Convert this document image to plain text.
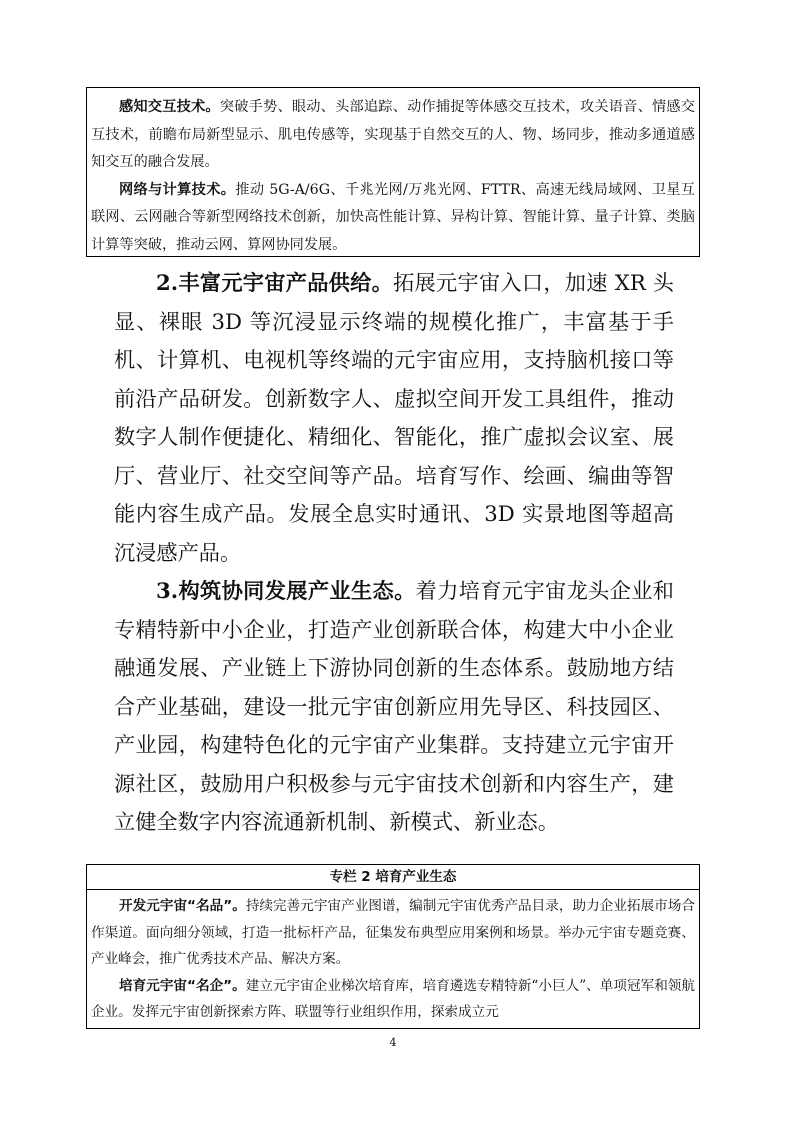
感知交互技术。突破手势、眼动、头部追踪、动作捕捉等体感交互技术，攻关语音、情感交互技术，前瞻布局新型显示、肌电传感等，实现基于自然交互的人、物、场同步，推动多通道感知交互的融合发展。

网络与计算技术。推动 5G-A/6G、千兆光网/万兆光网、FTTR、高速无线局域网、卫星互联网、云网融合等新型网络技术创新，加快高性能计算、异构计算、智能计算、量子计算、类脑计算等突破，推动云网、算网协同发展。

2.丰富元宇宙产品供给。拓展元宇宙入口，加速 XR 头显、裸眼 3D 等沉浸显示终端的规模化推广，丰富基于手机、计算机、电视机等终端的元宇宙应用，支持脑机接口等前沿产品研发。创新数字人、虚拟空间开发工具组件，推动数字人制作便捷化、精细化、智能化，推广虚拟会议室、展厅、营业厅、社交空间等产品。培育写作、绘画、编曲等智能内容生成产品。发展全息实时通讯、3D 实景地图等超高沉浸感产品。

3.构筑协同发展产业生态。着力培育元宇宙龙头企业和专精特新中小企业，打造产业创新联合体，构建大中小企业融通发展、产业链上下游协同创新的生态体系。鼓励地方结合产业基础，建设一批元宇宙创新应用先导区、科技园区、产业园，构建特色化的元宇宙产业集群。支持建立元宇宙开源社区，鼓励用户积极参与元宇宙技术创新和内容生产，建立健全数字内容流通新机制、新模式、新业态。

专栏 2 培育产业生态

开发元宇宙“名品”。持续完善元宇宙产业图谱，编制元宇宙优秀产品目录，助力企业拓展市场合作渠道。面向细分领域，打造一批标杆产品，征集发布典型应用案例和场景。举办元宇宙专题竞赛、产业峰会，推广优秀技术产品、解决方案。

培育元宇宙“名企”。建立元宇宙企业梯次培育库，培育遴选专精特新“小巨人”、单项冠军和领航企业。发挥元宇宙创新探索方阵、联盟等行业组织作用，探索成立元

4
